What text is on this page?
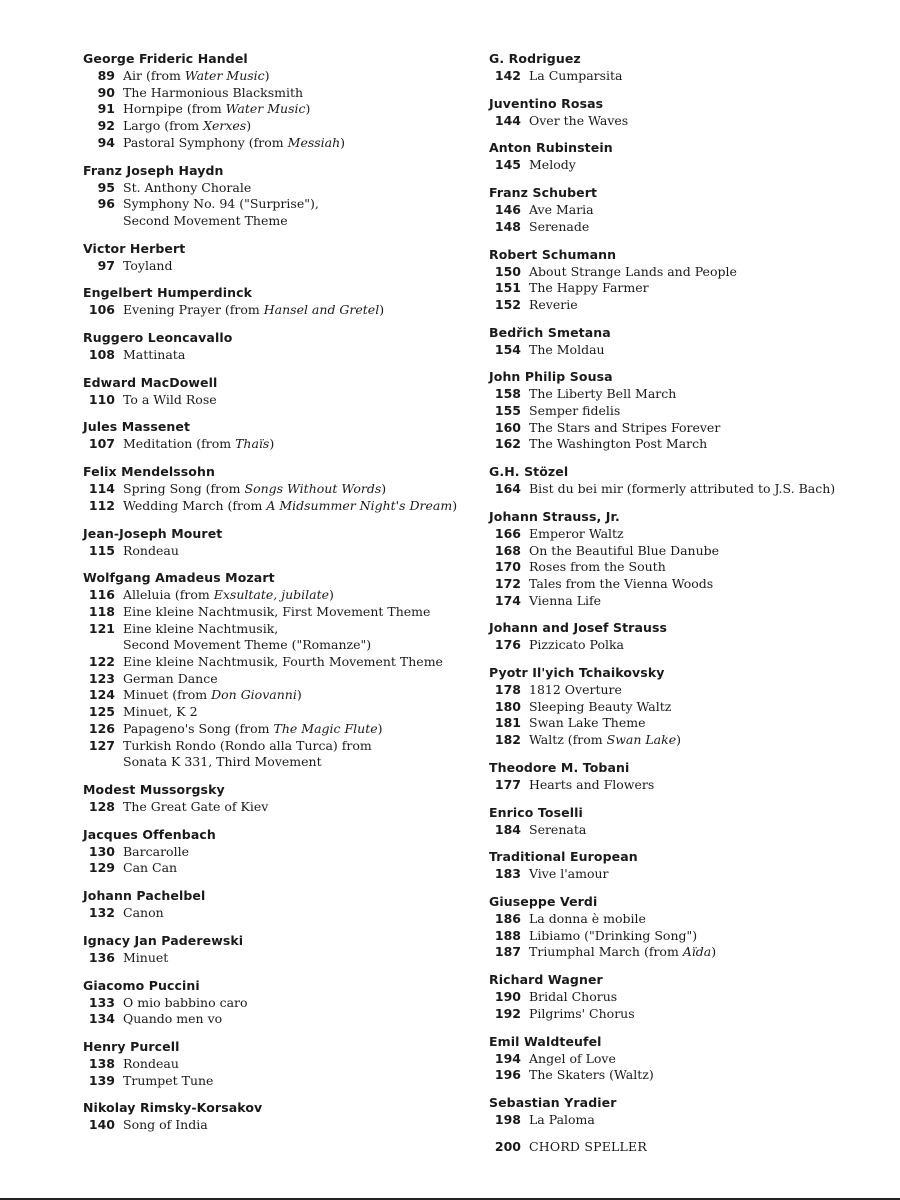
George Frideric Handel
89 Air (from Water Music)
90 The Harmonious Blacksmith
91 Hornpipe (from Water Music)
92 Largo (from Xerxes)
94 Pastoral Symphony (from Messiah)
Franz Joseph Haydn
95 St. Anthony Chorale
96 Symphony No. 94 ("Surprise"),
Second Movement Theme
Victor Herbert
97 Toyland
Engelbert Humperdinck
106 Evening Prayer (from Hansel and Gretel)
Ruggero Leoncavallo
108 Mattinata
Edward MacDowell
110 To a Wild Rose
Jules Massenet
107 Meditation (from Thaïs)
Felix Mendelssohn
114 Spring Song (from Songs Without Words)
112 Wedding March (from A Midsummer Night's Dream)
Jean-Joseph Mouret
115 Rondeau
Wolfgang Amadeus Mozart
116 Alleluia (from Exsultate, jubilate)
118 Eine kleine Nachtmusik, First Movement Theme
121 Eine kleine Nachtmusik,
Second Movement Theme ("Romanze")
122 Eine kleine Nachtmusik, Fourth Movement Theme
123 German Dance
124 Minuet (from Don Giovanni)
125 Minuet, K 2
126 Papageno's Song (from The Magic Flute)
127 Turkish Rondo (Rondo alla Turca) from
Sonata K 331, Third Movement
Modest Mussorgsky
128 The Great Gate of Kiev
Jacques Offenbach
130 Barcarolle
129 Can Can
Johann Pachelbel
132 Canon
Ignacy Jan Paderewski
136 Minuet
Giacomo Puccini
133 O mio babbino caro
134 Quando men vo
Henry Purcell
138 Rondeau
139 Trumpet Tune
Nikolay Rimsky-Korsakov
140 Song of India
G. Rodriguez
142 La Cumparsita
Juventino Rosas
144 Over the Waves
Anton Rubinstein
145 Melody
Franz Schubert
146 Ave Maria
148 Serenade
Robert Schumann
150 About Strange Lands and People
151 The Happy Farmer
152 Reverie
Bedřich Smetana
154 The Moldau
John Philip Sousa
158 The Liberty Bell March
155 Semper fidelis
160 The Stars and Stripes Forever
162 The Washington Post March
G.H. Stözel
164 Bist du bei mir (formerly attributed to J.S. Bach)
Johann Strauss, Jr.
166 Emperor Waltz
168 On the Beautiful Blue Danube
170 Roses from the South
172 Tales from the Vienna Woods
174 Vienna Life
Johann and Josef Strauss
176 Pizzicato Polka
Pyotr Il'yich Tchaikovsky
178 1812 Overture
180 Sleeping Beauty Waltz
181 Swan Lake Theme
182 Waltz (from Swan Lake)
Theodore M. Tobani
177 Hearts and Flowers
Enrico Toselli
184 Serenata
Traditional European
183 Vive l'amour
Giuseppe Verdi
186 La donna è mobile
188 Libiamo ("Drinking Song")
187 Triumphal March (from Aïda)
Richard Wagner
190 Bridal Chorus
192 Pilgrims' Chorus
Emil Waldteufel
194 Angel of Love
196 The Skaters (Waltz)
Sebastian Yradier
198 La Paloma
200 CHORD SPELLER
